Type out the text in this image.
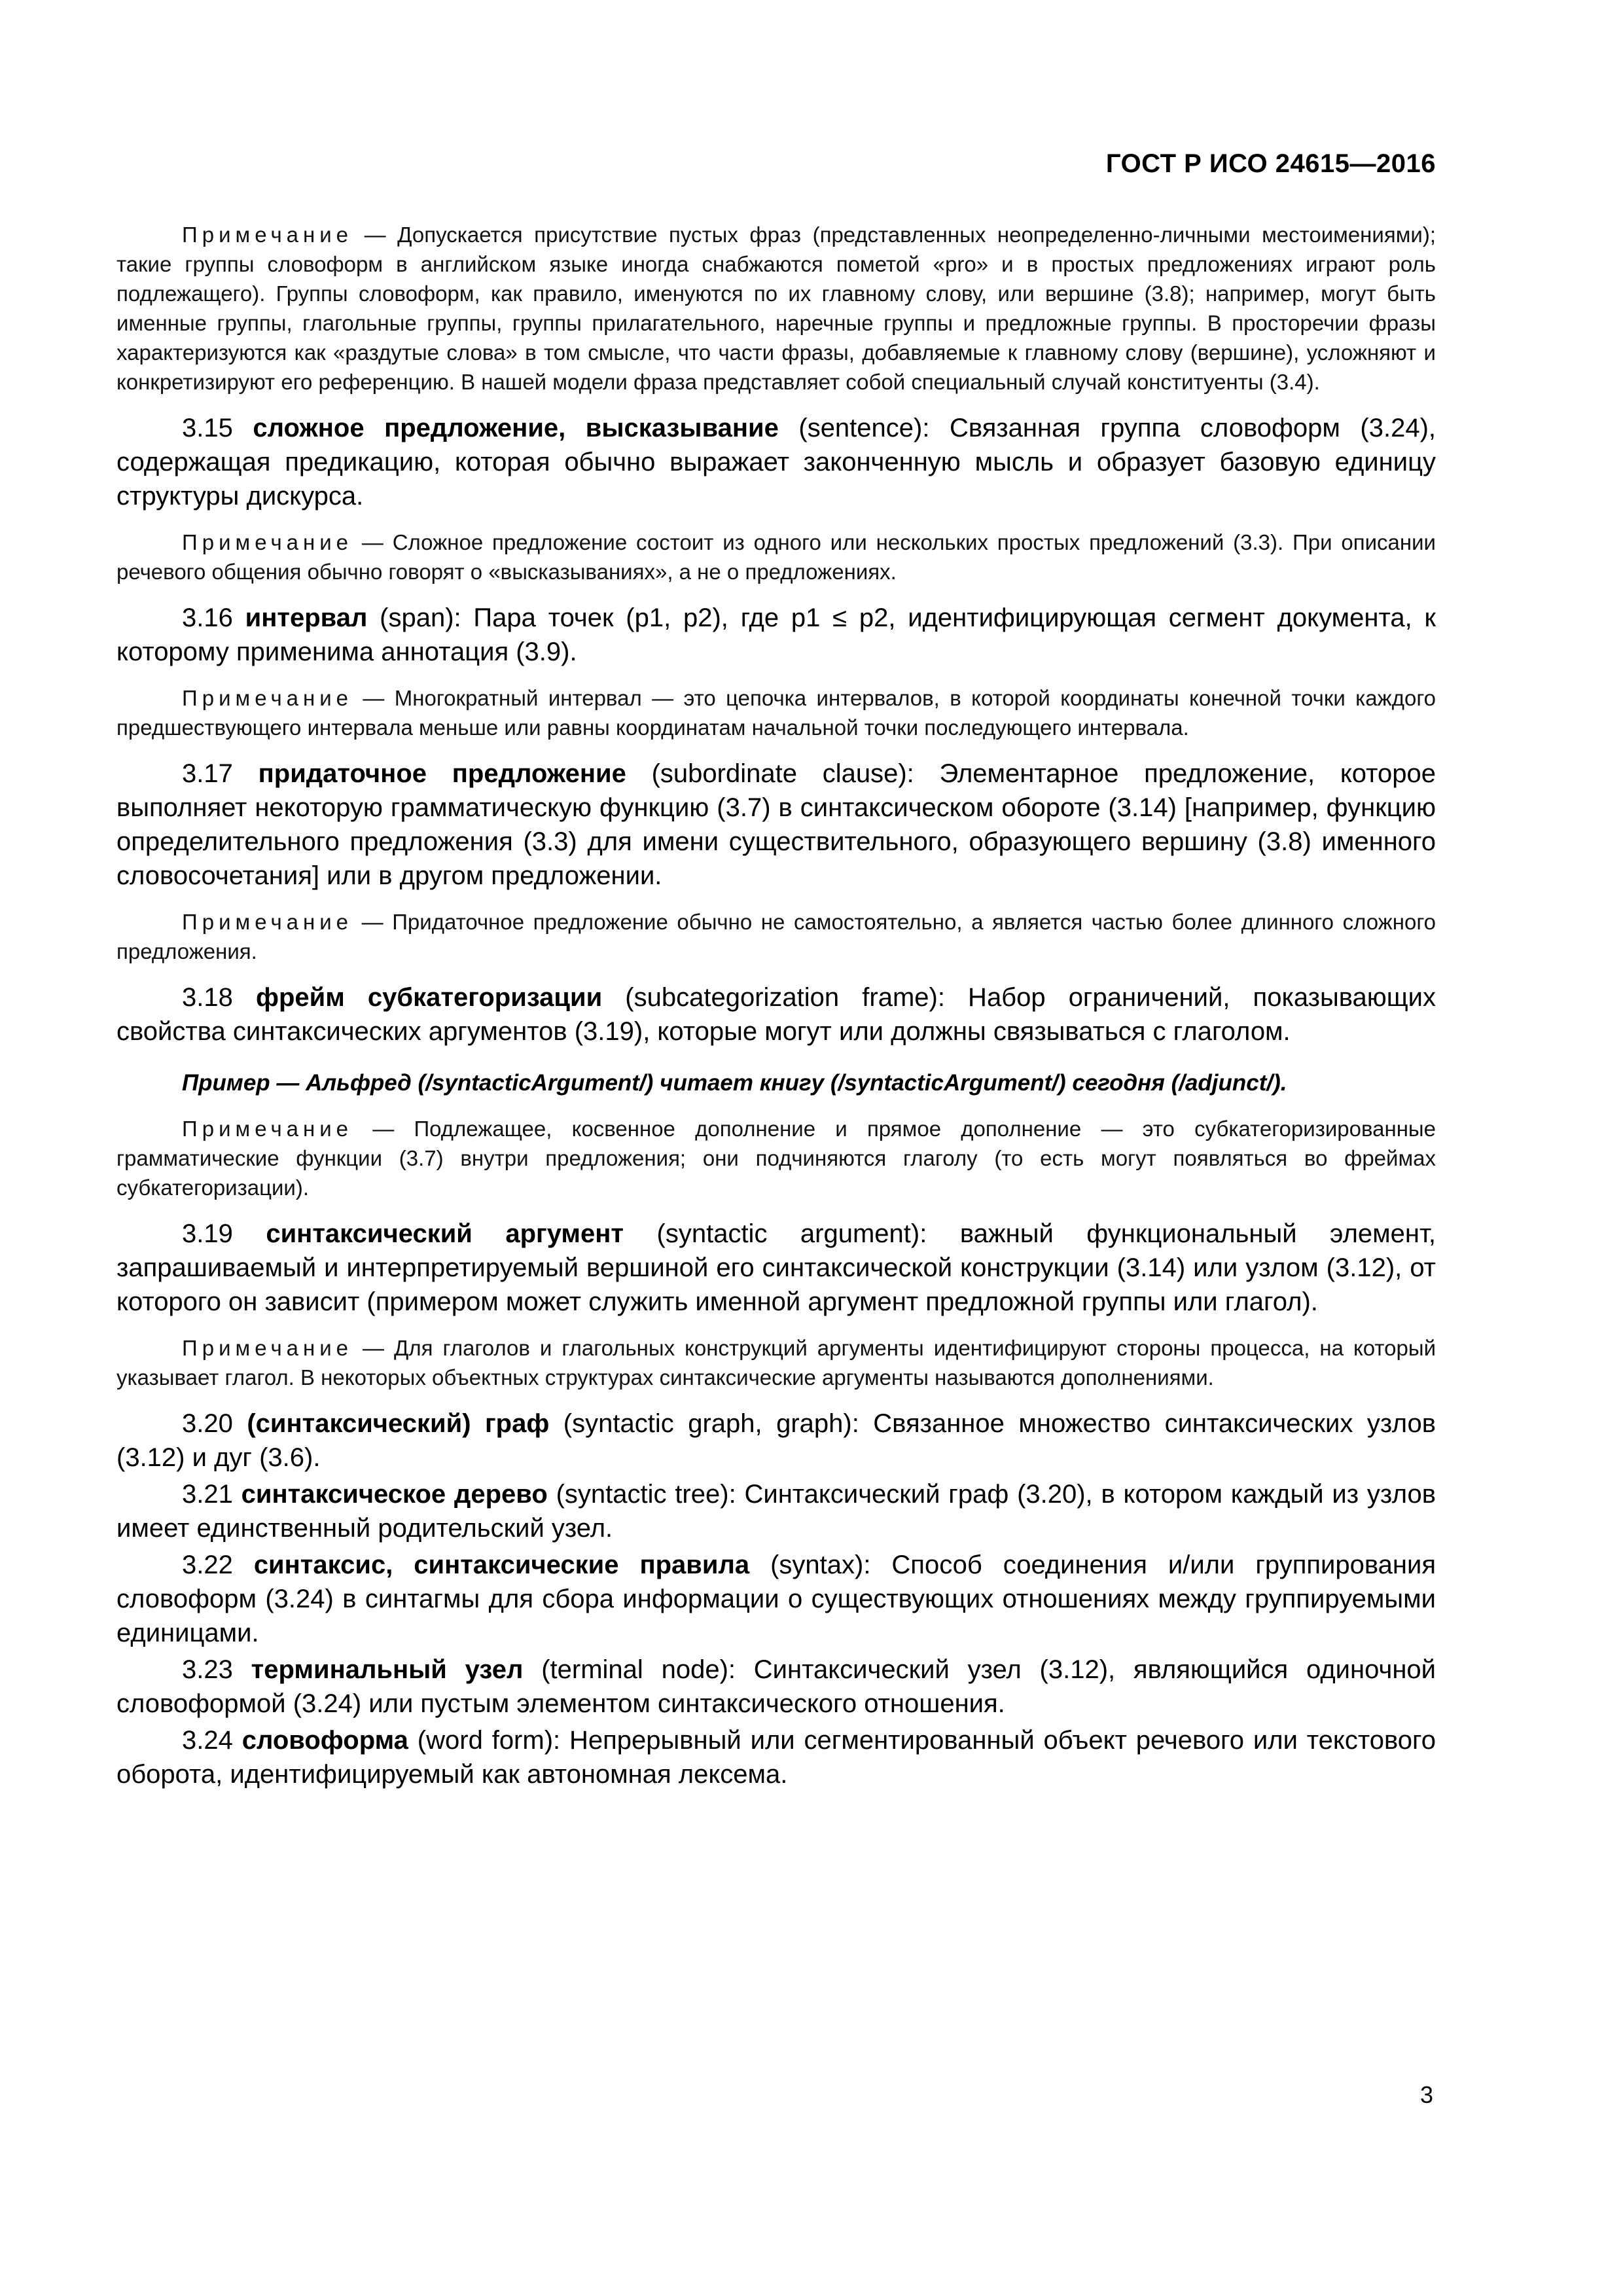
ГОСТ Р ИСО 24615—2016

Примечание — Допускается присутствие пустых фраз (представленных неопределенно-личными местоимениями); такие группы словоформ в английском языке иногда снабжаются пометой «pro» и в простых предложениях играют роль подлежащего). Группы словоформ, как правило, именуются по их главному слову, или вершине (3.8); например, могут быть именные группы, глагольные группы, группы прилагательного, наречные группы и предложные группы. В просторечии фразы характеризуются как «раздутые слова» в том смысле, что части фразы, добавляемые к главному слову (вершине), усложняют и конкретизируют его референцию. В нашей модели фраза представляет собой специальный случай конституенты (3.4).

3.15 сложное предложение, высказывание (sentence): Связанная группа словоформ (3.24), содержащая предикацию, которая обычно выражает законченную мысль и образует базовую единицу структуры дискурса.

Примечание — Сложное предложение состоит из одного или нескольких простых предложений (3.3). При описании речевого общения обычно говорят о «высказываниях», а не о предложениях.

3.16 интервал (span): Пара точек (p1, p2), где p1 ≤ p2, идентифицирующая сегмент документа, к которому применима аннотация (3.9).

Примечание — Многократный интервал — это цепочка интервалов, в которой координаты конечной точки каждого предшествующего интервала меньше или равны координатам начальной точки последующего интервала.

3.17 придаточное предложение (subordinate clause): Элементарное предложение, которое выполняет некоторую грамматическую функцию (3.7) в синтаксическом обороте (3.14) [например, функцию определительного предложения (3.3) для имени существительного, образующего вершину (3.8) именного словосочетания] или в другом предложении.

Примечание — Придаточное предложение обычно не самостоятельно, а является частью более длинного сложного предложения.

3.18 фрейм субкатегоризации (subcategorization frame): Набор ограничений, показывающих свойства синтаксических аргументов (3.19), которые могут или должны связываться с глаголом.

Пример — Альфред (/syntacticArgument/) читает книгу (/syntacticArgument/) сегодня (/adjunct/).

Примечание — Подлежащее, косвенное дополнение и прямое дополнение — это субкатегоризированные грамматические функции (3.7) внутри предложения; они подчиняются глаголу (то есть могут появляться во фреймах субкатегоризации).

3.19 синтаксический аргумент (syntactic argument): важный функциональный элемент, запрашиваемый и интерпретируемый вершиной его синтаксической конструкции (3.14) или узлом (3.12), от которого он зависит (примером может служить именной аргумент предложной группы или глагол).

Примечание — Для глаголов и глагольных конструкций аргументы идентифицируют стороны процесса, на который указывает глагол. В некоторых объектных структурах синтаксические аргументы называются дополнениями.

3.20 (синтаксический) граф (syntactic graph, graph): Связанное множество синтаксических узлов (3.12) и дуг (3.6).

3.21 синтаксическое дерево (syntactic tree): Синтаксический граф (3.20), в котором каждый из узлов имеет единственный родительский узел.

3.22 синтаксис, синтаксические правила (syntax): Способ соединения и/или группирования словоформ (3.24) в синтагмы для сбора информации о существующих отношениях между группируемыми единицами.

3.23 терминальный узел (terminal node): Синтаксический узел (3.12), являющийся одиночной словоформой (3.24) или пустым элементом синтаксического отношения.

3.24 словоформа (word form): Непрерывный или сегментированный объект речевого или текстового оборота, идентифицируемый как автономная лексема.

3
